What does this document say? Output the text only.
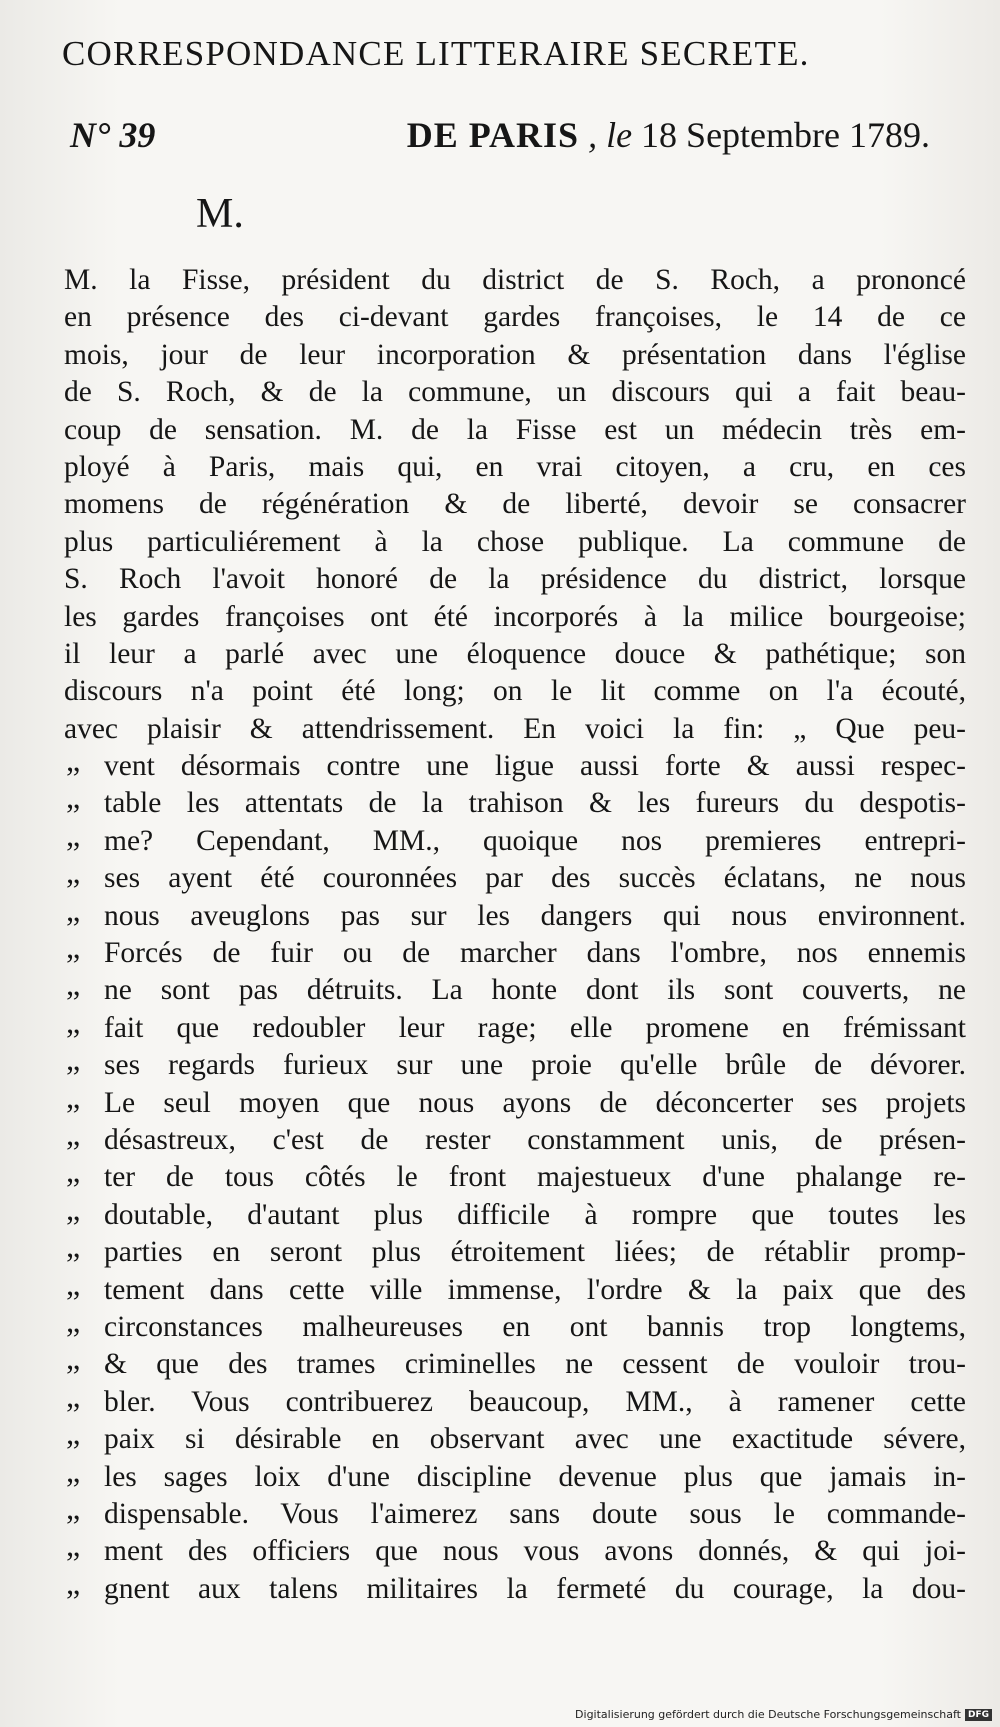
CORRESPONDANCE LITTERAIRE SECRETE.
N° 39	DE PARIS , le 18 Septembre 1789.
M.
M. la Fisse, président du district de S. Roch, a prononcé
en présence des ci-devant gardes françoises, le 14 de ce
mois, jour de leur incorporation & présentation dans l'église
de S. Roch, & de la commune, un discours qui a fait beau-
coup de sensation. M. de la Fisse est un médecin très em-
ployé à Paris, mais qui, en vrai citoyen, a cru, en ces
momens de régénération & de liberté, devoir se consacrer
plus particuliérement à la chose publique. La commune de
S. Roch l'avoit honoré de la présidence du district, lorsque
les gardes françoises ont été incorporés à la milice bourgeoise;
il leur a parlé avec une éloquence douce & pathétique; son
discours n'a point été long; on le lit comme on l'a écouté,
avec plaisir & attendrissement. En voici la fin: „ Que peu-
„ vent désormais contre une ligue aussi forte & aussi respec-
„ table les attentats de la trahison & les fureurs du despotis-
„ me? Cependant, MM., quoique nos premieres entrepri-
„ ses ayent été couronnées par des succès éclatans, ne nous
„ nous aveuglons pas sur les dangers qui nous environnent.
„ Forcés de fuir ou de marcher dans l'ombre, nos ennemis
„ ne sont pas détruits. La honte dont ils sont couverts, ne
„ fait que redoubler leur rage; elle promene en frémissant
„ ses regards furieux sur une proie qu'elle brûle de dévorer.
„ Le seul moyen que nous ayons de déconcerter ses projets
„ désastreux, c'est de rester constamment unis, de présen-
„ ter de tous côtés le front majestueux d'une phalange re-
„ doutable, d'autant plus difficile à rompre que toutes les
„ parties en seront plus étroitement liées; de rétablir promp-
„ tement dans cette ville immense, l'ordre & la paix que des
„ circonstances malheureuses en ont bannis trop longtems,
„ & que des trames criminelles ne cessent de vouloir trou-
„ bler. Vous contribuerez beaucoup, MM., à ramener cette
„ paix si désirable en observant avec une exactitude sévere,
„ les sages loix d'une discipline devenue plus que jamais in-
„ dispensable. Vous l'aimerez sans doute sous le commande-
„ ment des officiers que nous vous avons donnés, & qui joi-
„ gnent aux talens militaires la fermeté du courage, la dou-
Digitalisierung gefördert durch die Deutsche Forschungsgemeinschaft DFG
